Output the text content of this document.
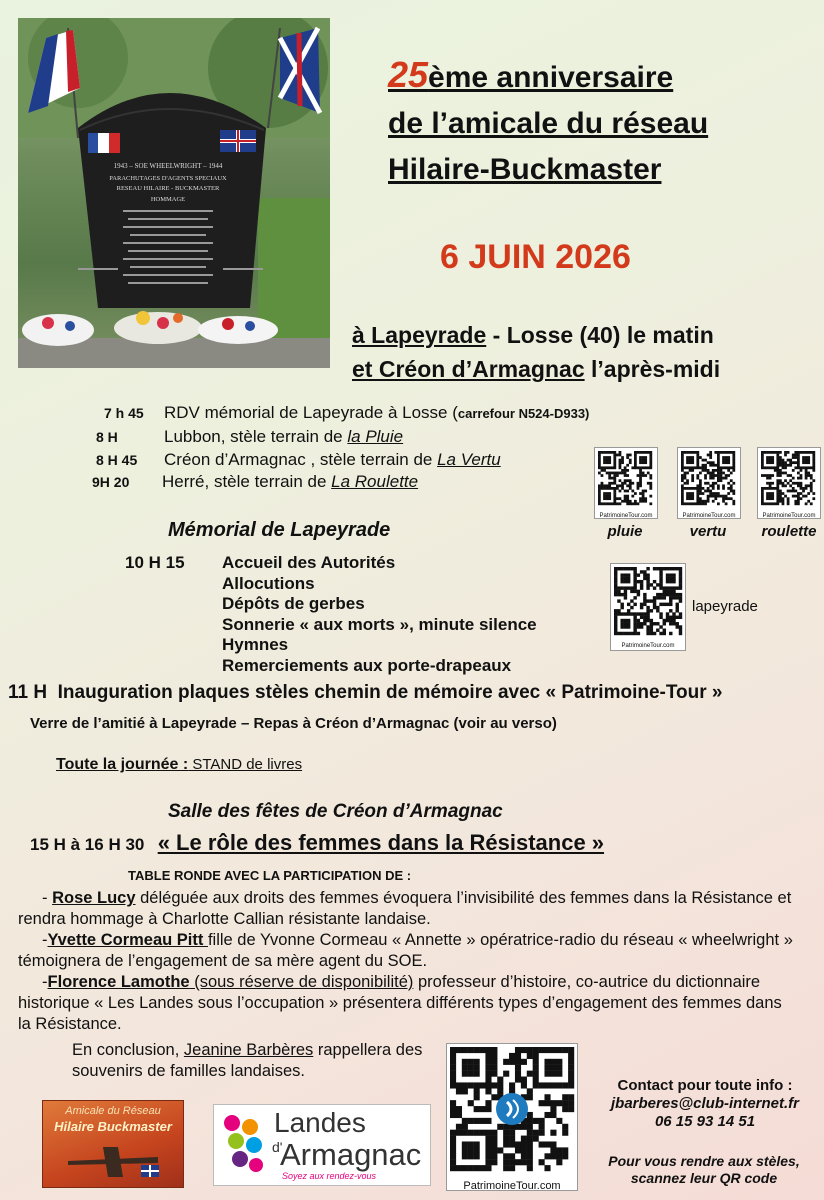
1943 – SOE WHEELWRIGHT – 1944
PARACHUTAGES D'AGENTS SPECIAUX
RESEAU HILAIRE - BUCKMASTER
HOMMAGE
25ème anniversaire
de l’amicale du réseau
Hilaire-Buckmaster
6 JUIN 2026
à Lapeyrade - Losse (40) le matin
et Créon d’Armagnac l’après-midi
7 h 45 RDV mémorial de Lapeyrade à Losse (carrefour N524-D933)
8 H	Lubbon, stèle terrain de la Pluie
8 H 45 Créon d’Armagnac , stèle terrain de La Vertu
9H 20 Herré, stèle terrain de La Roulette
PatrimoineTour.com	PatrimoineTour.com	PatrimoineTour.com
pluie	vertu	roulette
Mémorial de Lapeyrade
10 H 15 Accueil des Autorités
Allocutions
Dépôts de gerbes
Sonnerie « aux morts », minute silence
Hymnes
Remerciements aux porte-drapeaux
PatrimoineTour.com
lapeyrade
11 H Inauguration plaques stèles chemin de mémoire avec « Patrimoine-Tour »
Verre de l’amitié à Lapeyrade – Repas à Créon d’Armagnac (voir au verso)
Toute la journée : STAND de livres
Salle des fêtes de Créon d’Armagnac
15 H à 16 H 30 « Le rôle des femmes dans la Résistance »
TABLE RONDE AVEC LA PARTICIPATION DE :

- Rose Lucy déléguée aux droits des femmes évoquera l’invisibilité des femmes dans la Résistance et rendra hommage à Charlotte Callian résistante landaise.

-Yvette Cormeau Pitt fille de Yvonne Cormeau « Annette » opératrice-radio du réseau « wheelwright » témoignera de l’engagement de sa mère agent du SOE.

-Florence Lamothe (sous réserve de disponibilité) professeur d’histoire, co-autrice du dictionnaire historique « Les Landes sous l’occupation » présentera différents types d’engagement des femmes dans la Résistance.

En conclusion, Jeanine Barbères rappellera des souvenirs de familles landaises.
Amicale du Réseau
Hilaire Buckmaster	Landes
d'
Armagnac
Soyez aux rendez-vous
PatrimoineTour.com
Contact pour toute info :
jbarberes@club-internet.fr
06 15 93 14 51
Pour vous rendre aux stèles,
scannez leur QR code
